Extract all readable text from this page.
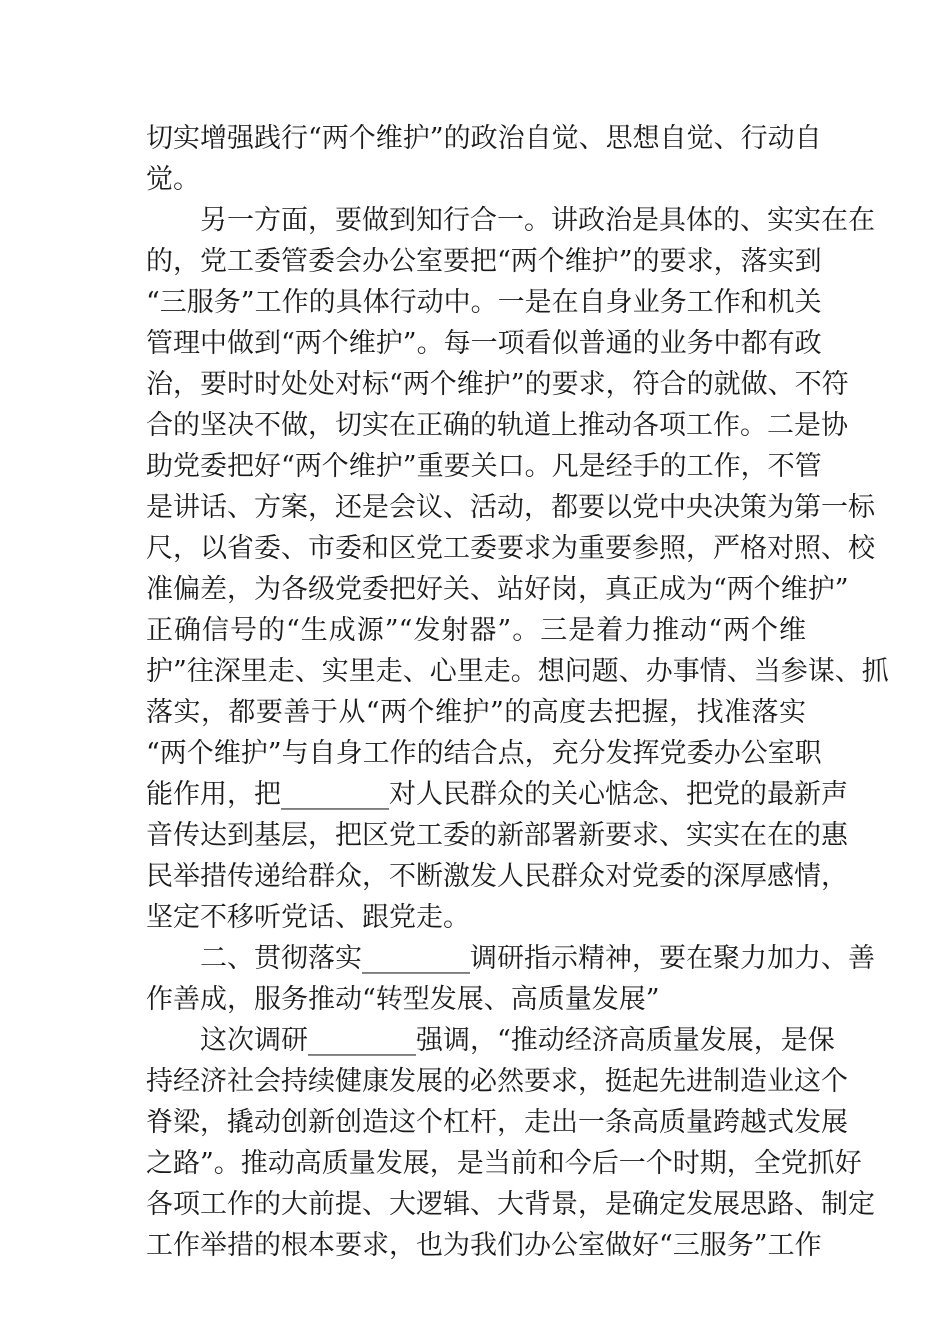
切实增强践行“两个维护”的政治自觉、思想自觉、行动自
觉。
另一方面，要做到知行合一。讲政治是具体的、实实在在
的，党工委管委会办公室要把“两个维护”的要求，落实到
“三服务”工作的具体行动中。一是在自身业务工作和机关
管理中做到“两个维护”。每一项看似普通的业务中都有政
治，要时时处处对标“两个维护”的要求，符合的就做、不符
合的坚决不做，切实在正确的轨道上推动各项工作。二是协
助党委把好“两个维护”重要关口。凡是经手的工作，不管
是讲话、方案，还是会议、活动，都要以党中央决策为第一标
尺，以省委、市委和区党工委要求为重要参照，严格对照、校
准偏差，为各级党委把好关、站好岗，真正成为“两个维护”
正确信号的“生成源”“发射器”。三是着力推动“两个维
护”往深里走、实里走、心里走。想问题、办事情、当参谋、抓
落实，都要善于从“两个维护”的高度去把握，找准落实
“两个维护”与自身工作的结合点，充分发挥党委办公室职
能作用，把________对人民群众的关心惦念、把党的最新声
音传达到基层，把区党工委的新部署新要求、实实在在的惠
民举措传递给群众，不断激发人民群众对党委的深厚感情，
坚定不移听党话、跟党走。
二、贯彻落实________调研指示精神，要在聚力加力、善
作善成，服务推动“转型发展、高质量发展”
这次调研________强调，“推动经济高质量发展，是保
持经济社会持续健康发展的必然要求，挺起先进制造业这个
脊梁，撬动创新创造这个杠杆，走出一条高质量跨越式发展
之路”。推动高质量发展，是当前和今后一个时期，全党抓好
各项工作的大前提、大逻辑、大背景，是确定发展思路、制定
工作举措的根本要求，也为我们办公室做好“三服务”工作
